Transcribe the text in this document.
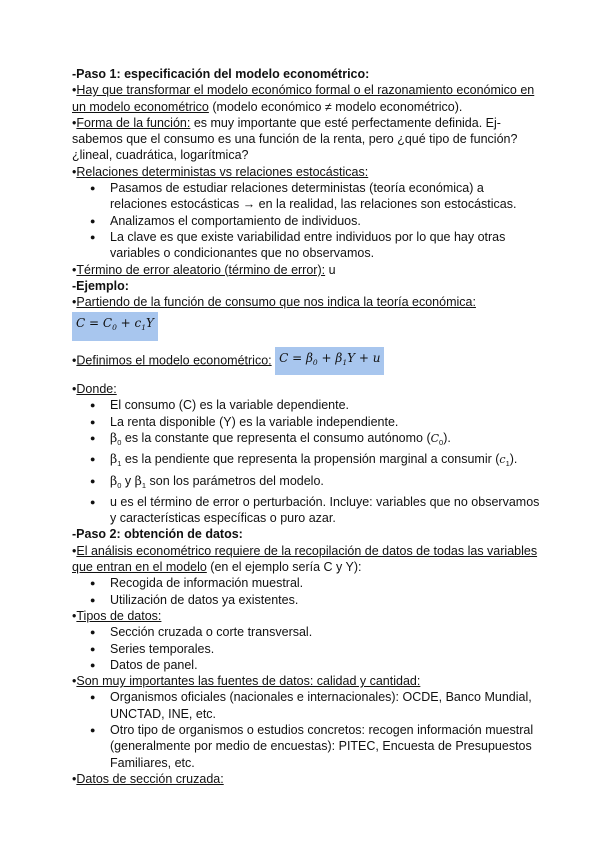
-Paso 1: especificación del modelo econométrico:

•Hay que transformar el modelo económico formal o el razonamiento económico en un modelo econométrico (modelo económico ≠ modelo econométrico).

•Forma de la función: es muy importante que esté perfectamente definida. Ej- sabemos que el consumo es una función de la renta, pero ¿qué tipo de función? ¿lineal, cuadrática, logarítmica?

•Relaciones deterministas vs relaciones estocásticas:

● Pasamos de estudiar relaciones deterministas (teoría económica) a relaciones estocásticas → en la realidad, las relaciones son estocásticas.
● Analizamos el comportamiento de individuos.
● La clave es que existe variabilidad entre individuos por lo que hay otras variables o condicionantes que no observamos.

•Término de error aleatorio (término de error): u

-Ejemplo:

•Partiendo de la función de consumo que nos indica la teoría económica: $C = C_0 + c_1Y$

•Definimos el modelo econométrico: $C = \beta_0 + \beta_1Y + u$

•Donde:

● El consumo (C) es la variable dependiente.
● La renta disponible (Y) es la variable independiente.
● $\beta_0$ es la constante que representa el consumo autónomo $(C_0)$.
● $\beta_1$ es la pendiente que representa la propensión marginal a consumir $(c_1)$.
● $\beta_0$ y $\beta_1$ son los parámetros del modelo.
● u es el término de error o perturbación. Incluye: variables que no observamos y características específicas o puro azar.

-Paso 2: obtención de datos:

•El análisis econométrico requiere de la recopilación de datos de todas las variables que entran en el modelo (en el ejemplo sería C y Y):

● Recogida de información muestral.
● Utilización de datos ya existentes.

•Tipos de datos:

● Sección cruzada o corte transversal.
● Series temporales.
● Datos de panel.

•Son muy importantes las fuentes de datos: calidad y cantidad:

● Organismos oficiales (nacionales e internacionales): OCDE, Banco Mundial, UNCTAD, INE, etc.
● Otro tipo de organismos o estudios concretos: recogen información muestral (generalmente por medio de encuestas): PITEC, Encuesta de Presupuestos Familiares, etc.

•Datos de sección cruzada:
